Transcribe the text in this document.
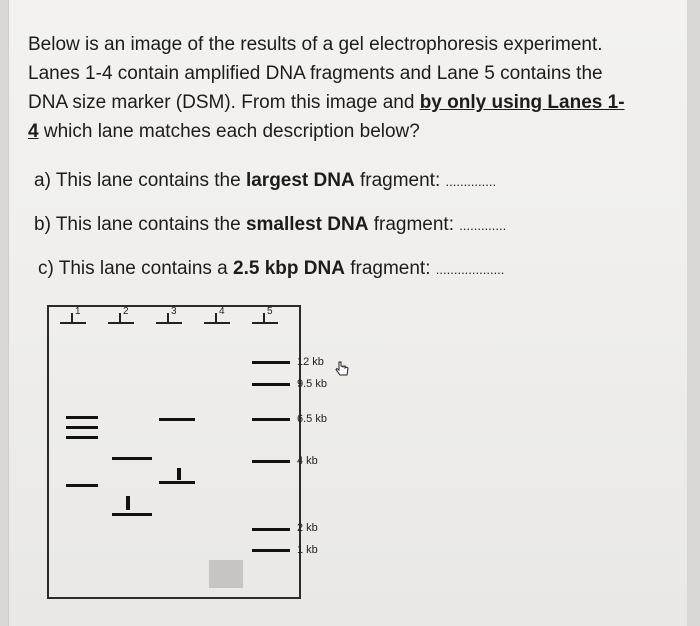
Below is an image of the results of a gel electrophoresis experiment.
Lanes 1-4 contain amplified DNA fragments and Lane 5 contains the
DNA size marker (DSM). From this image and by only using Lanes 1-
4 which lane matches each description below?
a) This lane contains the largest DNA fragment: ..............
b) This lane contains the smallest DNA fragment: .............
c) This lane contains a 2.5 kbp DNA fragment: ...................
1	2	3	4	5
12 kb
9.5 kb
6.5 kb
4 kb
2 kb
1 kb
